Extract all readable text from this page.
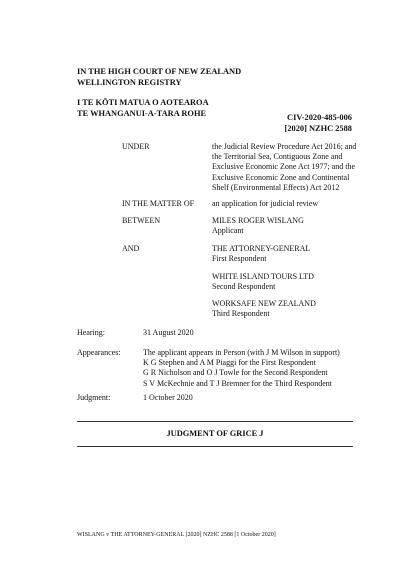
IN THE HIGH COURT OF NEW ZEALAND
WELLINGTON REGISTRY
I TE KŌTI MATUA O AOTEAROA
TE WHANGANUI-A-TARA ROHE	CIV-2020-485-006
[2020] NZHC 2588
UNDER	the Judicial Review Procedure Act 2016; and
the Territorial Sea, Contiguous Zone and
Exclusive Economic Zone Act 1977; and the
Exclusive Economic Zone and Continental
Shelf (Environmental Effects) Act 2012
IN THE MATTER OF an application for judicial review
BETWEEN	MILES ROGER WISLANG
Applicant
AND	THE ATTORNEY-GENERAL
First Respondent
WHITE ISLAND TOURS LTD
Second Respondent
WORKSAFE NEW ZEALAND
Third Respondent
Hearing:	31 August 2020
Appearances:	The applicant appears in Person (with J M Wilson in support)
K G Stephen and A M Piaggi for the First Respondent
G R Nicholson and O J Towle for the Second Respondent
S V McKechnie and T J Bremner for the Third Respondent
Judgment:	1 October 2020
JUDGMENT OF GRICE J
WISLANG v THE ATTORNEY-GENERAL [2020] NZHC 2588 [1 October 2020]
